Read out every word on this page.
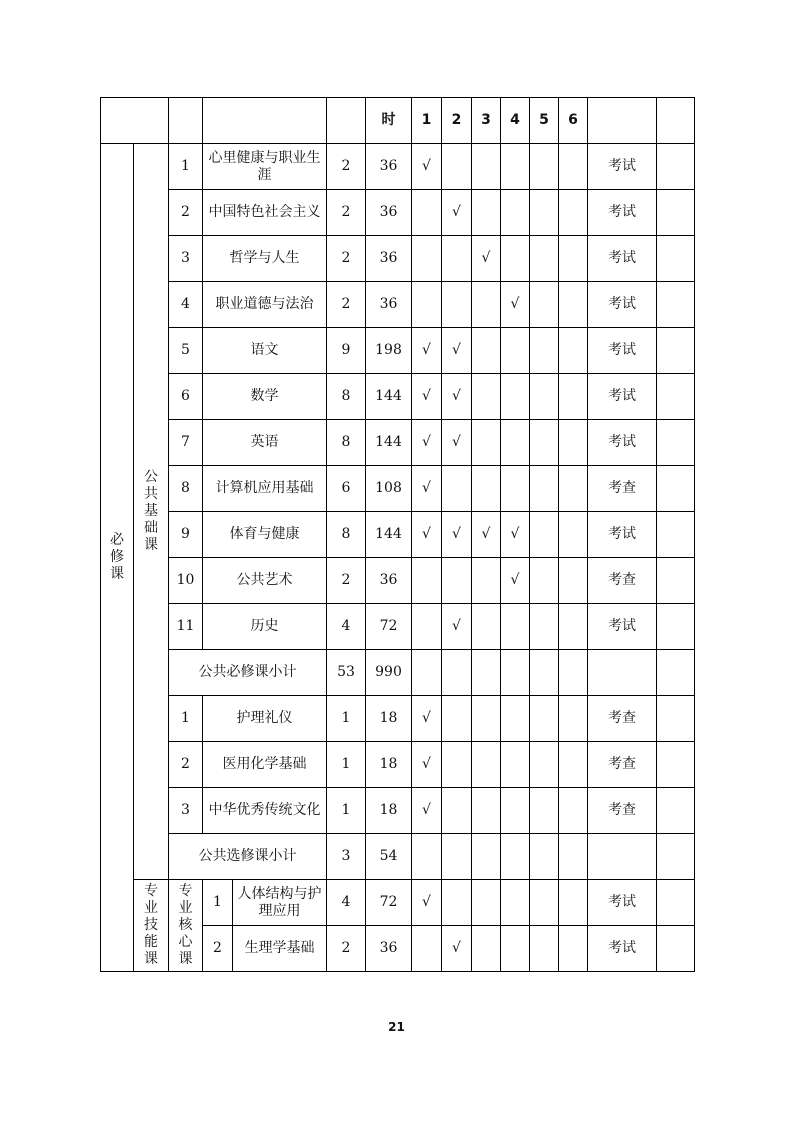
						时	1	2	3	4	5	6		
必修课	公共基础课	1	心里健康与职业生涯		2	36	√						考试	
		2	中国特色社会主义		2	36		√					考试	
		3	哲学与人生		2	36			√				考试	
		4	职业道德与法治		2	36				√			考试	
		5	语文		9	198	√	√					考试	
		6	数学		8	144	√	√					考试	
		7	英语		8	144	√	√					考试	
		8	计算机应用基础		6	108	√						考查	
		9	体育与健康		8	144	√	√	√	√			考试	
		10	公共艺术		2	36				√			考查	
		11	历史		4	72		√					考试	
		公共必修课小计			53	990								
		1	护理礼仪		1	18	√						考查	
		2	医用化学基础		1	18	√						考查	
		3	中华优秀传统文化		1	18	√						考查	
		公共选修课小计			3	54								
	专业技能课	专业核心课	1	人体结构与护理应用	4	72	√						考试	
			2	生理学基础	2	36		√					考试	
21
